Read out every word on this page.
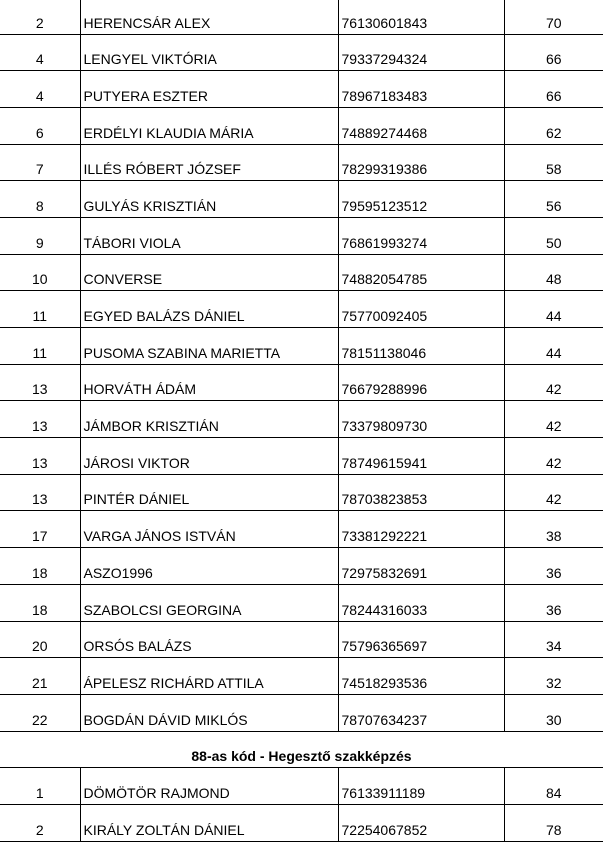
2	HERENCSÁR ALEX	76130601843	70
4	LENGYEL VIKTÓRIA	79337294324	66
4	PUTYERA ESZTER	78967183483	66
6	ERDÉLYI KLAUDIA MÁRIA	74889274468	62
7	ILLÉS RÓBERT JÓZSEF	78299319386	58
8	GULYÁS KRISZTIÁN	79595123512	56
9	TÁBORI VIOLA	76861993274	50
10	CONVERSE	74882054785	48
11	EGYED BALÁZS DÁNIEL	75770092405	44
11	PUSOMA SZABINA MARIETTA	78151138046	44
13	HORVÁTH ÁDÁM	76679288996	42
13	JÁMBOR KRISZTIÁN	73379809730	42
13	JÁROSI VIKTOR	78749615941	42
13	PINTÉR DÁNIEL	78703823853	42
17	VARGA JÁNOS ISTVÁN	73381292221	38
18	ASZO1996	72975832691	36
18	SZABOLCSI GEORGINA	78244316033	36
20	ORSÓS BALÁZS	75796365697	34
21	ÁPELESZ RICHÁRD ATTILA	74518293536	32
22	BOGDÁN DÁVID MIKLÓS	78707634237	30
88-as kód - Hegesztő szakképzés			
1	DÖMÖTÖR RAJMOND	76133911189	84
2	KIRÁLY ZOLTÁN DÁNIEL	72254067852	78
